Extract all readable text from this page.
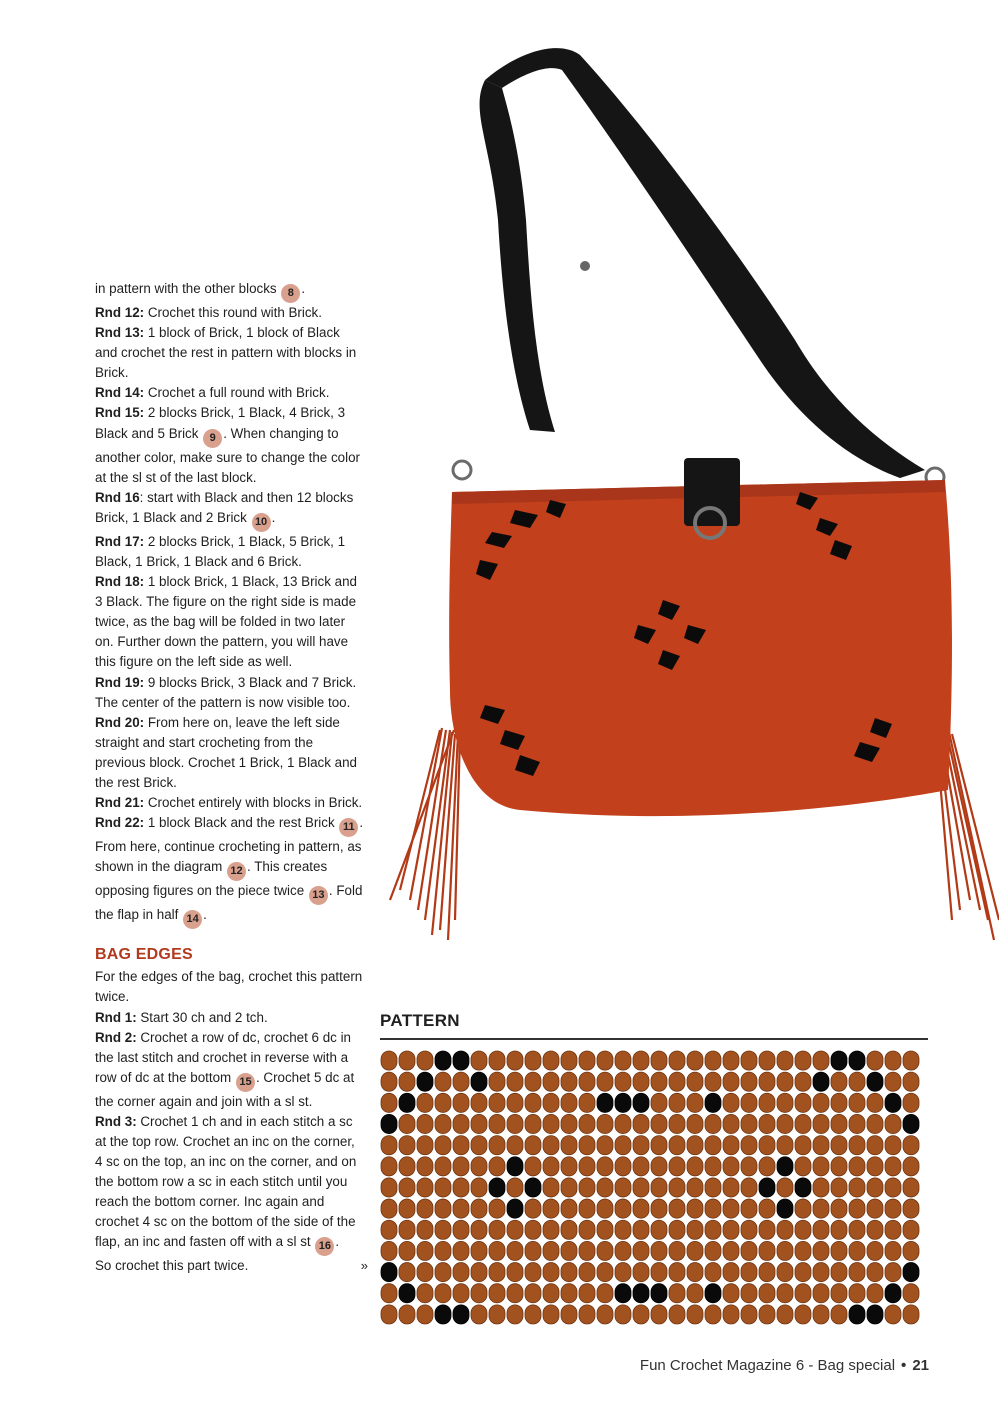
in pattern with the other blocks 8 .

Rnd 12: Crochet this round with Brick.

Rnd 13: 1 block of Brick, 1 block of Black and crochet the rest in pattern with blocks in Brick.

Rnd 14: Crochet a full round with Brick.

Rnd 15: 2 blocks Brick, 1 Black, 4 Brick, 3 Black and 5 Brick 9 . When changing to another color, make sure to change the color at the sl st of the last block.

Rnd 16: start with Black and then 12 blocks Brick, 1 Black and 2 Brick 10 .

Rnd 17: 2 blocks Brick, 1 Black, 5 Brick, 1 Black, 1 Brick, 1 Black and 6 Brick.

Rnd 18: 1 block Brick, 1 Black, 13 Brick and 3 Black. The figure on the right side is made twice, as the bag will be folded in two later on. Further down the pattern, you will have this figure on the left side as well.

Rnd 19: 9 blocks Brick, 3 Black and 7 Brick. The center of the pattern is now visible too.

Rnd 20: From here on, leave the left side straight and start crocheting from the previous block. Crochet 1 Brick, 1 Black and the rest Brick.

Rnd 21: Crochet entirely with blocks in Brick. Rnd 22: 1 block Black and the rest Brick 11 . From here, continue crocheting in pattern, as shown in the diagram 12 . This creates opposing figures on the piece twice 13 . Fold the flap in half 14 .

BAG EDGES

For the edges of the bag, crochet this pattern twice.

Rnd 1: Start 30 ch and 2 tch.

Rnd 2: Crochet a row of dc, crochet 6 dc in the last stitch and crochet in reverse with a row of dc at the bottom 15 . Crochet 5 dc at the corner again and join with a sl st.

Rnd 3: Crochet 1 ch and in each stitch a sc at the top row. Crochet an inc on the corner, 4 sc on the top, an inc on the corner, and on the bottom row a sc in each stitch until you reach the bottom corner. Inc again and crochet 4 sc on the bottom of the side of the flap, an inc and fasten off with a sl st 16 .

So crochet this part twice.	»

PATTERN
Fun Crochet Magazine 6 - Bag special • 21
